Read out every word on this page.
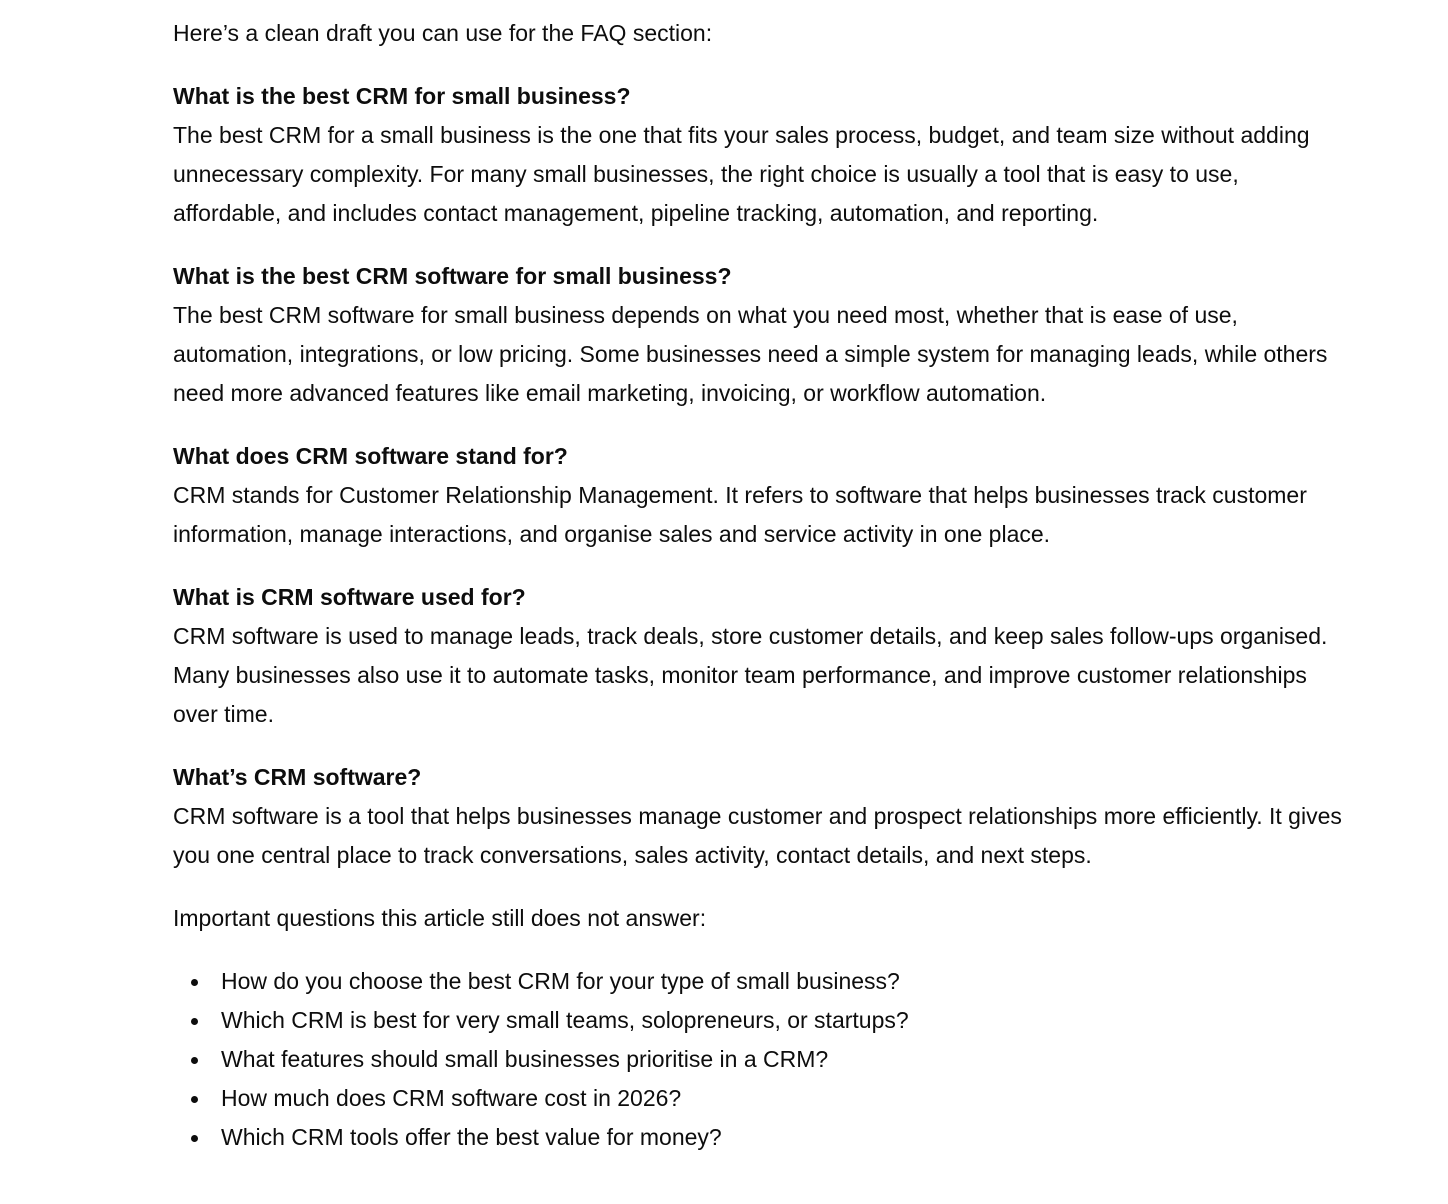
Here’s a clean draft you can use for the FAQ section:

What is the best CRM for small business?

The best CRM for a small business is the one that fits your sales process, budget, and team size without adding unnecessary complexity. For many small businesses, the right choice is usually a tool that is easy to use, affordable, and includes contact management, pipeline tracking, automation, and reporting.

What is the best CRM software for small business?

The best CRM software for small business depends on what you need most, whether that is ease of use, automation, integrations, or low pricing. Some businesses need a simple system for managing leads, while others need more advanced features like email marketing, invoicing, or workflow automation.

What does CRM software stand for?

CRM stands for Customer Relationship Management. It refers to software that helps businesses track customer information, manage interactions, and organise sales and service activity in one place.

What is CRM software used for?

CRM software is used to manage leads, track deals, store customer details, and keep sales follow-ups organised. Many businesses also use it to automate tasks, monitor team performance, and improve customer relationships over time.

What’s CRM software?

CRM software is a tool that helps businesses manage customer and prospect relationships more efficiently. It gives you one central place to track conversations, sales activity, contact details, and next steps.

Important questions this article still does not answer:

How do you choose the best CRM for your type of small business?
Which CRM is best for very small teams, solopreneurs, or startups?
What features should small businesses prioritise in a CRM?
How much does CRM software cost in 2026?
Which CRM tools offer the best value for money?
